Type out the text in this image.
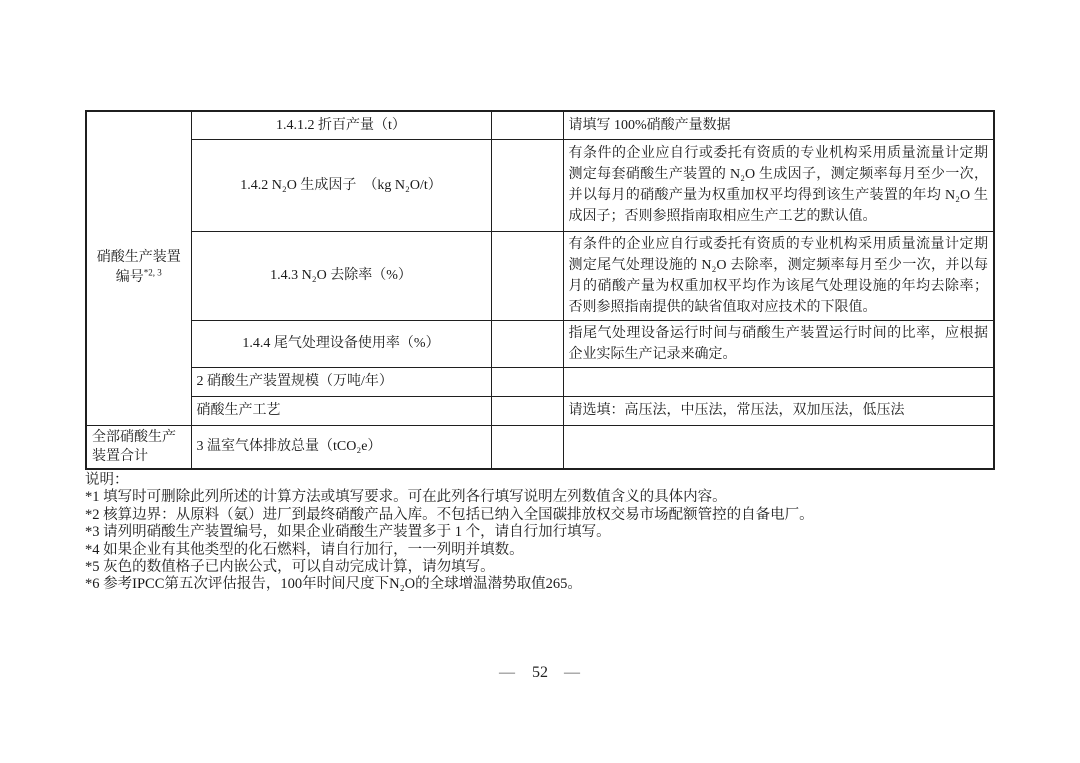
硝酸生产装置
编号$^{*2, 3}$	1.4.1.2 折百产量（t）		请填写 100%硝酸产量数据
	1.4.2 N₂O 生成因子　（kg N₂O/t）		有条件的企业应自行或委托有资质的专业机构采用质量流量计定期测定每套硝酸生产装置的 N₂O 生成因子，测定频率每月至少一次，并以每月的硝酸产量为权重加权平均得到该生产装置的年均 N₂O 生成因子；否则参照指南取相应生产工艺的默认值。
	1.4.3 N₂O 去除率（%）		有条件的企业应自行或委托有资质的专业机构采用质量流量计定期测定尾气处理设施的 N₂O 去除率，测定频率每月至少一次，并以每月的硝酸产量为权重加权平均作为该尾气处理设施的年均去除率；否则参照指南提供的缺省值取对应技术的下限值。
	1.4.4 尾气处理设备使用率（%）		指尾气处理设备运行时间与硝酸生产装置运行时间的比率，应根据企业实际生产记录来确定。
	2 硝酸生产装置规模（万吨/年）		
	硝酸生产工艺		请选填：高压法，中压法，常压法，双加压法，低压法
全部硝酸生产装置合计	3 温室气体排放总量（tCO₂e）		
说明：
*1 填写时可删除此列所述的计算方法或填写要求。可在此列各行填写说明左列数值含义的具体内容。
*2 核算边界：从原料（氨）进厂到最终硝酸产品入库。不包括已纳入全国碳排放权交易市场配额管控的自备电厂。
*3 请列明硝酸生产装置编号，如果企业硝酸生产装置多于 1 个，请自行加行填写。
*4 如果企业有其他类型的化石燃料，请自行加行，一一列明并填数。
*5 灰色的数值格子已内嵌公式，可以自动完成计算，请勿填写。
*6 参考IPCC第五次评估报告，100年时间尺度下N₂O的全球增温潜势取值265。
— 52 —
